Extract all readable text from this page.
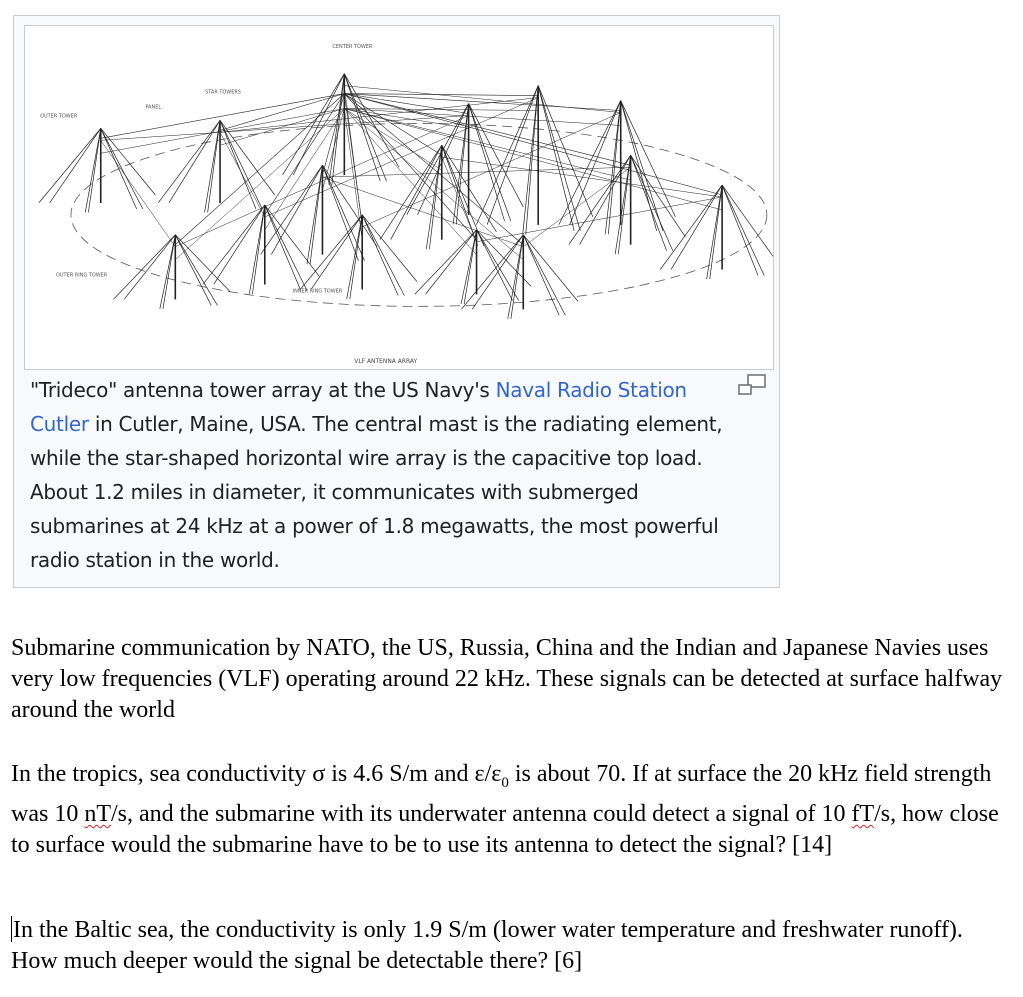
CENTER TOWER
STAR TOWERS
OUTER TOWER
PANEL
OUTER RING TOWER
INNER RING TOWER
VLF ANTENNA ARRAY
"Trideco" antenna tower array at the US Navy's Naval Radio Station Cutler in Cutler, Maine, USA. The central mast is the radiating element, while the star-shaped horizontal wire array is the capacitive top load. About 1.2 miles in diameter, it communicates with submerged submarines at 24 kHz at a power of 1.8 megawatts, the most powerful radio station in the world.
Submarine communication by NATO, the US, Russia, China and the Indian and Japanese Navies uses very low frequencies (VLF) operating around 22 kHz. These signals can be detected at surface halfway around the world
In the tropics, sea conductivity σ is 4.6 S/m and $\varepsilon/\varepsilon_0$ is about 70. If at surface the 20 kHz field strength was 10 nT/s, and the submarine with its underwater antenna could detect a signal of 10 fT/s, how close to surface would the submarine have to be to use its antenna to detect the signal? [14]
In the Baltic sea, the conductivity is only 1.9 S/m (lower water temperature and freshwater runoff). How much deeper would the signal be detectable there? [6]
